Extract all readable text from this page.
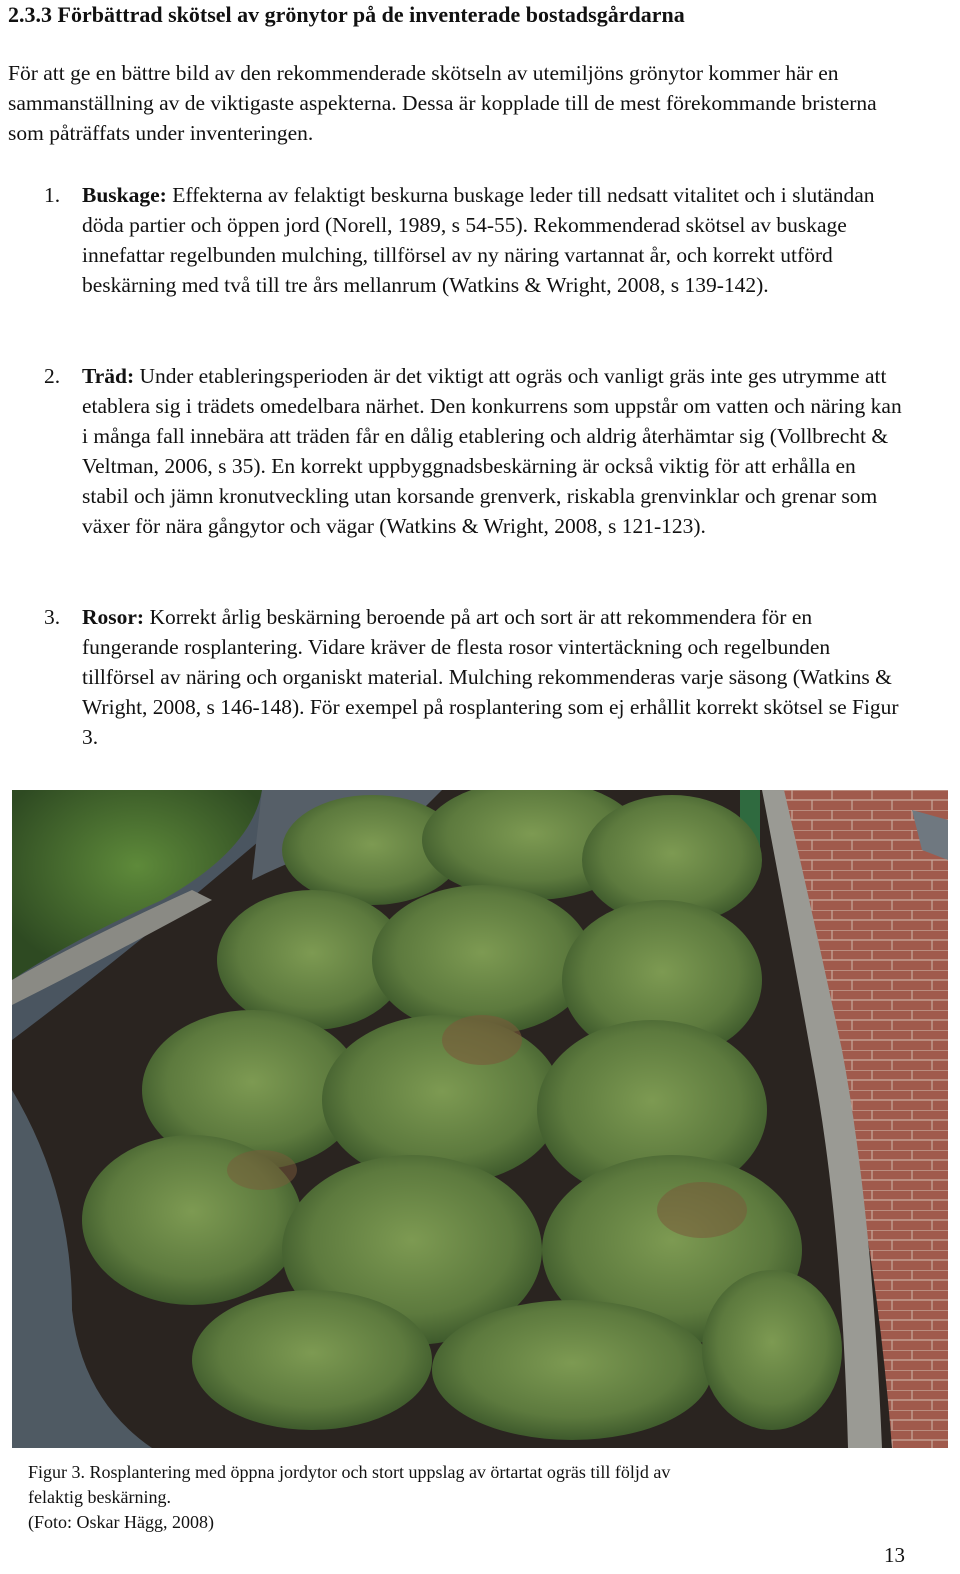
2.3.3 Förbättrad skötsel av grönytor på de inventerade bostadsgårdarna

För att ge en bättre bild av den rekommenderade skötseln av utemiljöns grönytor kommer här en sammanställning av de viktigaste aspekterna. Dessa är kopplade till de mest förekommande bristerna som påträffats under inventeringen.

1.	Buskage: Effekterna av felaktigt beskurna buskage leder till nedsatt vitalitet och i slutändan döda partier och öppen jord (Norell, 1989, s 54-55). Rekommenderad skötsel av buskage innefattar regelbunden mulching, tillförsel av ny näring vartannat år, och korrekt utförd beskärning med två till tre års mellanrum (Watkins & Wright, 2008, s 139-142).
2.	Träd: Under etableringsperioden är det viktigt att ogräs och vanligt gräs inte ges utrymme att etablera sig i trädets omedelbara närhet. Den konkurrens som uppstår om vatten och näring kan i många fall innebära att träden får en dålig etablering och aldrig återhämtar sig (Vollbrecht & Veltman, 2006, s 35). En korrekt uppbyggnadsbeskärning är också viktig för att erhålla en stabil och jämn kronutveckling utan korsande grenverk, riskabla grenvinklar och grenar som växer för nära gångytor och vägar (Watkins & Wright, 2008, s 121-123).
3.	Rosor: Korrekt årlig beskärning beroende på art och sort är att rekommendera för en fungerande rosplantering. Vidare kräver de flesta rosor vintertäckning och regelbunden tillförsel av näring och organiskt material. Mulching rekommenderas varje säsong (Watkins & Wright, 2008, s 146-148). För exempel på rosplantering som ej erhållit korrekt skötsel se Figur 3.
Figur 3. Rosplantering med öppna jordytor och stort uppslag av örtartat ogräs till följd av
felaktig beskärning.
(Foto: Oskar Hägg, 2008)
13
